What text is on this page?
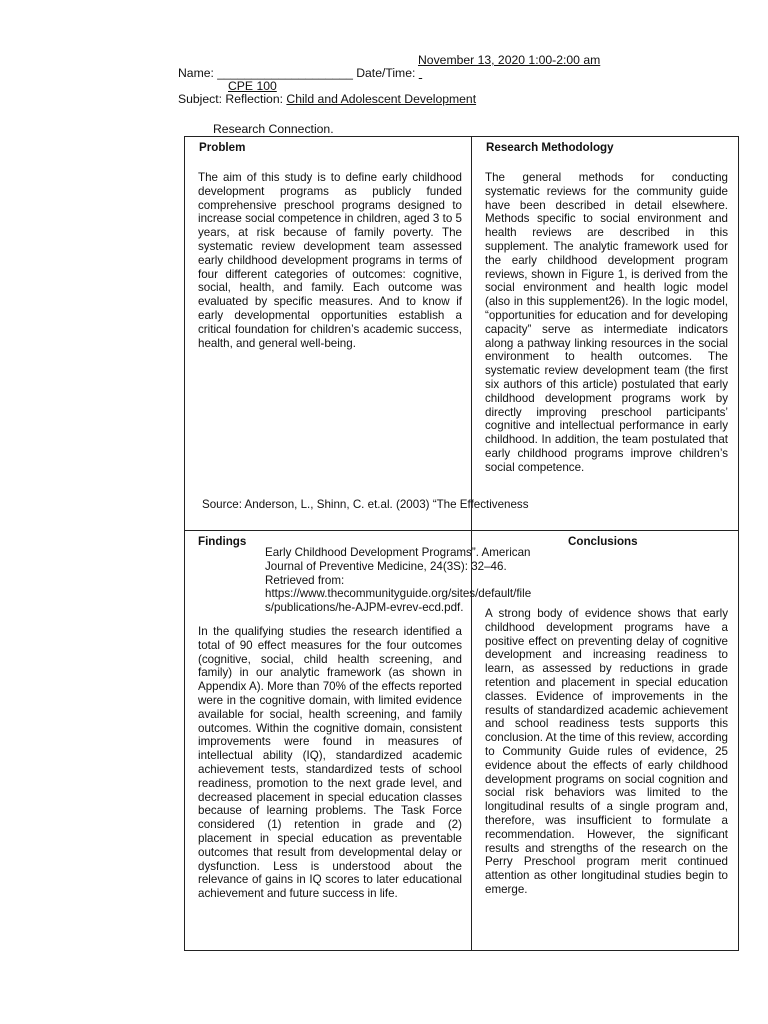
November 13, 2020 1:00-2:00 am
Name: ____________________ Date/Time:
CPE 100
Subject: Reflection: Child and Adolescent Development
Research Connection.
Problem

The aim of this study is to define early childhood development programs as publicly funded comprehensive preschool programs designed to increase social competence in children, aged 3 to 5 years, at risk because of family poverty. The systematic review development team assessed early childhood development programs in terms of four different categories of outcomes: cognitive, social, health, and family. Each outcome was evaluated by specific measures. And to know if early developmental opportunities establish a critical foundation for children’s academic success, health, and general well-being.

Research Methodology

The general methods for conducting systematic reviews for the community guide have been described in detail elsewhere. Methods specific to social environment and health reviews are described in this supplement. The analytic framework used for the early childhood development program reviews, shown in Figure 1, is derived from the social environment and health logic model (also in this supplement26). In the logic model, “opportunities for education and for developing capacity” serve as intermediate indicators along a pathway linking resources in the social environment to health outcomes. The systematic review development team (the first six authors of this article) postulated that early childhood development programs work by directly improving preschool participants’ cognitive and intellectual performance in early childhood. In addition, the team postulated that early childhood programs improve children’s social competence.

Source: Anderson, L., Shinn, C. et.al. (2003) “The Effectiveness
Findings	Conclusions
Early Childhood Development Programs”. American
Journal of Preventive Medicine, 24(3S): 32–46.
Retrieved from:
https://www.thecommunityguide.org/sites/default/file
s/publications/he-AJPM-evrev-ecd.pdf.

In the qualifying studies the research identified a total of 90 effect measures for the four outcomes (cognitive, social, child health screening, and family) in our analytic framework (as shown in Appendix A). More than 70% of the effects reported were in the cognitive domain, with limited evidence available for social, health screening, and family outcomes. Within the cognitive domain, consistent improvements were found in measures of intellectual ability (IQ), standardized academic achievement tests, standardized tests of school readiness, promotion to the next grade level, and decreased placement in special education classes because of learning problems. The Task Force considered (1) retention in grade and (2) placement in special education as preventable outcomes that result from developmental delay or dysfunction. Less is understood about the relevance of gains in IQ scores to later educational achievement and future success in life.

A strong body of evidence shows that early childhood development programs have a positive effect on preventing delay of cognitive development and increasing readiness to learn, as assessed by reductions in grade retention and placement in special education classes. Evidence of improvements in the results of standardized academic achievement and school readiness tests supports this conclusion. At the time of this review, according to Community Guide rules of evidence, 25 evidence about the effects of early childhood development programs on social cognition and social risk behaviors was limited to the longitudinal results of a single program and, therefore, was insufficient to formulate a recommendation. However, the significant results and strengths of the research on the Perry Preschool program merit continued attention as other longitudinal studies begin to emerge.
